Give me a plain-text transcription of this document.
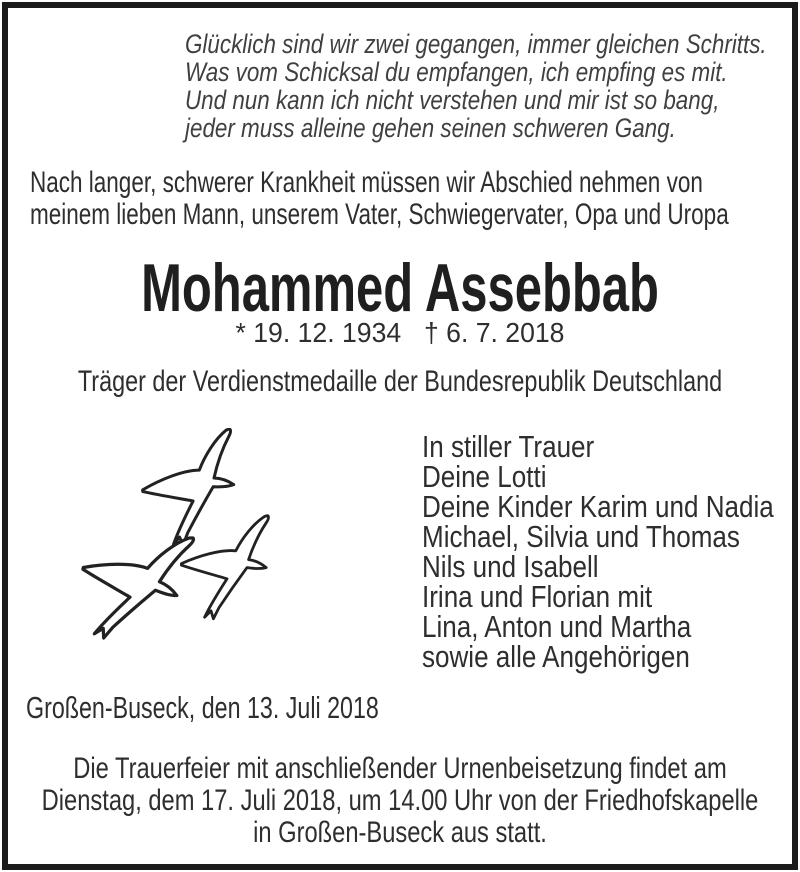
Glücklich sind wir zwei gegangen, immer gleichen Schritts.
Was vom Schicksal du empfangen, ich empfing es mit.
Und nun kann ich nicht verstehen und mir ist so bang,
jeder muss alleine gehen seinen schweren Gang.
Nach langer, schwerer Krankheit müssen wir Abschied nehmen von
meinem lieben Mann, unserem Vater, Schwiegervater, Opa und Uropa
Mohammed Assebbab
* 19. 12. 1934 † 6. 7. 2018
Träger der Verdienstmedaille der Bundesrepublik Deutschland
In stiller Trauer
Deine Lotti
Deine Kinder Karim und Nadia
Michael, Silvia und Thomas
Nils und Isabell
Irina und Florian mit
Lina, Anton und Martha
sowie alle Angehörigen
Großen-Buseck, den 13. Juli 2018
Die Trauerfeier mit anschließender Urnenbeisetzung findet am
Dienstag, dem 17. Juli 2018, um 14.00 Uhr von der Friedhofskapelle
in Großen-Buseck aus statt.
